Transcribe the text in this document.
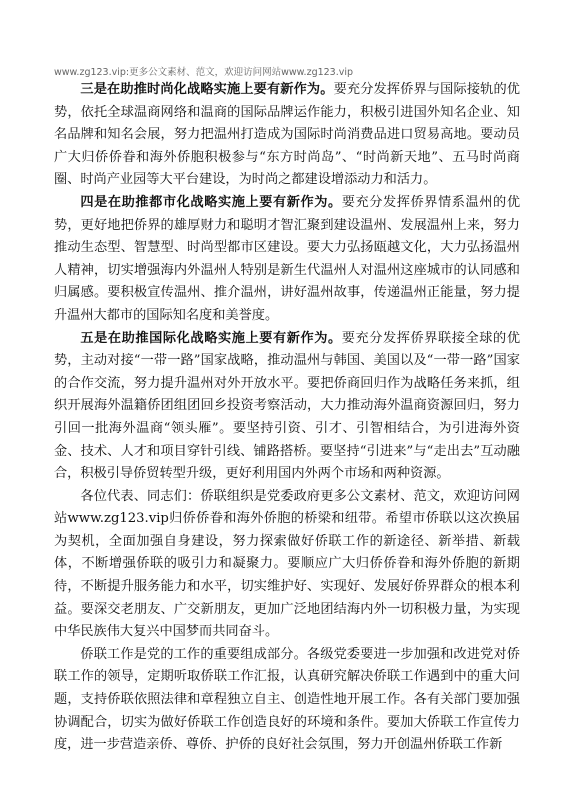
www.zg123.vip:更多公文素材、范文，欢迎访问网站www.zg123.vip

三是在助推时尚化战略实施上要有新作为。要充分发挥侨界与国际接轨的优势，依托全球温商网络和温商的国际品牌运作能力，积极引进国外知名企业、知名品牌和知名会展，努力把温州打造成为国际时尚消费品进口贸易高地。要动员广大归侨侨眷和海外侨胞积极参与“东方时尚岛”、“时尚新天地”、五马时尚商圈、时尚产业园等大平台建设，为时尚之都建设增添动力和活力。

四是在助推都市化战略实施上要有新作为。要充分发挥侨界情系温州的优势，更好地把侨界的雄厚财力和聪明才智汇聚到建设温州、发展温州上来，努力推动生态型、智慧型、时尚型都市区建设。要大力弘扬瓯越文化，大力弘扬温州人精神，切实增强海内外温州人特别是新生代温州人对温州这座城市的认同感和归属感。要积极宣传温州、推介温州，讲好温州故事，传递温州正能量，努力提升温州大都市的国际知名度和美誉度。

五是在助推国际化战略实施上要有新作为。要充分发挥侨界联接全球的优势，主动对接“一带一路”国家战略，推动温州与韩国、美国以及“一带一路”国家的合作交流，努力提升温州对外开放水平。要把侨商回归作为战略任务来抓，组织开展海外温籍侨团组团回乡投资考察活动，大力推动海外温商资源回归，努力引回一批海外温商“领头雁”。要坚持引资、引才、引智相结合，为引进海外资金、技术、人才和项目穿针引线、铺路搭桥。要坚持“引进来”与“走出去”互动融合，积极引导侨贸转型升级，更好利用国内外两个市场和两种资源。

各位代表、同志们：侨联组织是党委政府更多公文素材、范文，欢迎访问网站www.zg123.vip归侨侨眷和海外侨胞的桥梁和纽带。希望市侨联以这次换届为契机，全面加强自身建设，努力探索做好侨联工作的新途径、新举措、新载体，不断增强侨联的吸引力和凝聚力。要顺应广大归侨侨眷和海外侨胞的新期待，不断提升服务能力和水平，切实维护好、实现好、发展好侨界群众的根本利益。要深交老朋友、广交新朋友，更加广泛地团结海内外一切积极力量，为实现中华民族伟大复兴中国梦而共同奋斗。

侨联工作是党的工作的重要组成部分。各级党委要进一步加强和改进党对侨联工作的领导，定期听取侨联工作汇报，认真研究解决侨联工作遇到中的重大问题，支持侨联依照法律和章程独立自主、创造性地开展工作。各有关部门要加强协调配合，切实为做好侨联工作创造良好的环境和条件。要加大侨联工作宣传力度，进一步营造亲侨、尊侨、护侨的良好社会氛围，努力开创温州侨联工作新
